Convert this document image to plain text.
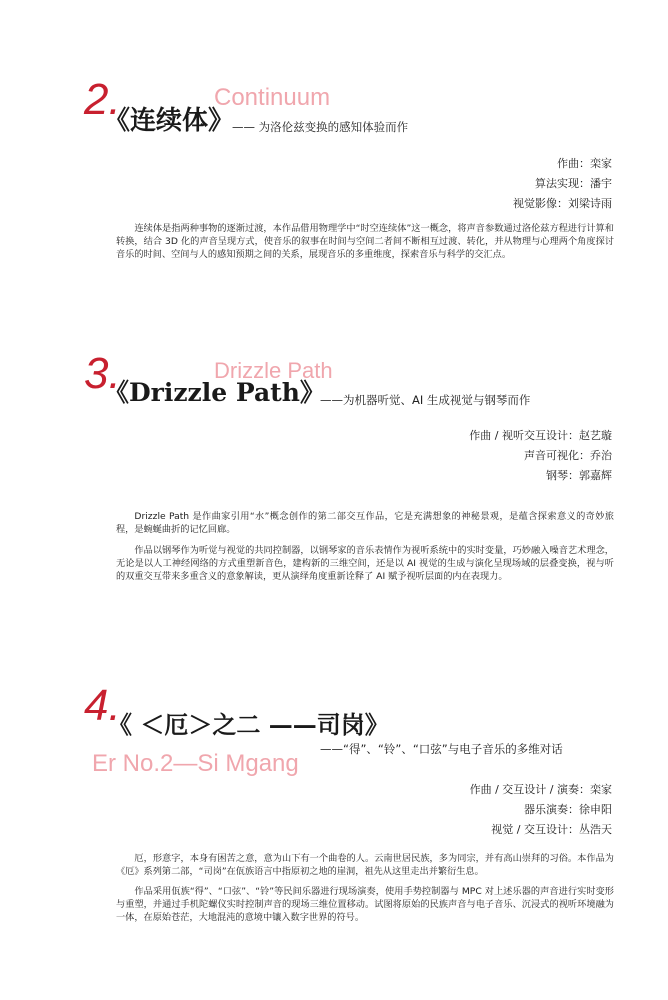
2.	Continuum
《连续体》
—— 为洛伦兹变换的感知体验而作
作曲：栾家
算法实现：潘宇
视觉影像：刘梁诗雨

连续体是指两种事物的逐渐过渡，本作品借用物理学中“时空连续体”这一概念，将声音参数通过洛伦兹方程进行计算和转换，结合 3D 化的声音呈现方式，使音乐的叙事在时间与空间二者间不断相互过渡、转化，并从物理与心理两个角度探讨音乐的时间、空间与人的感知预期之间的关系，展现音乐的多重维度，探索音乐与科学的交汇点。

3.	Drizzle Path
《Drizzle Path》
——为机器听觉、AI 生成视觉与钢琴而作
作曲 / 视听交互设计：赵艺璇
声音可视化：乔治
钢琴：郭嘉辉

Drizzle Path 是作曲家引用“水”概念创作的第二部交互作品，它是充满想象的神秘景观，是蕴含探索意义的奇妙旅程，是蜿蜒曲折的记忆回廊。

作品以钢琴作为听觉与视觉的共同控制器，以钢琴家的音乐表情作为视听系统中的实时变量，巧妙融入噪音艺术理念，无论是以人工神经网络的方式重塑新音色，建构新的三维空间，还是以 AI 视觉的生成与演化呈现场域的层叠变换，视与听的双重交互带来多重含义的意象解读，更从演绎角度重新诠释了 AI 赋予视听层面的内在表现力。

4.
《 ＜厄＞之二 ——司岗》
——“得”、“铃”、“口弦”与电子音乐的多维对话
Er No.2—Si Mgang
作曲 / 交互设计 / 演奏：栾家
器乐演奏：徐申阳
视觉 / 交互设计：丛浩天

厄，形意字，本身有困苦之意，意为山下有一个曲卷的人。云南世居民族，多为同宗，并有高山崇拜的习俗。本作品为《厄》系列第二部，“司岗”在佤族语言中指原初之地的崖洞，祖先从这里走出并繁衍生息。

作品采用佤族“得”、“口弦”、“铃”等民间乐器进行现场演奏，使用手势控制器与 MPC 对上述乐器的声音进行实时变形与重塑，并通过手机陀螺仪实时控制声音的现场三维位置移动。试图将原始的民族声音与电子音乐、沉浸式的视听环境融为一体，在原始苍茫，大地混沌的意境中镶入数字世界的符号。
